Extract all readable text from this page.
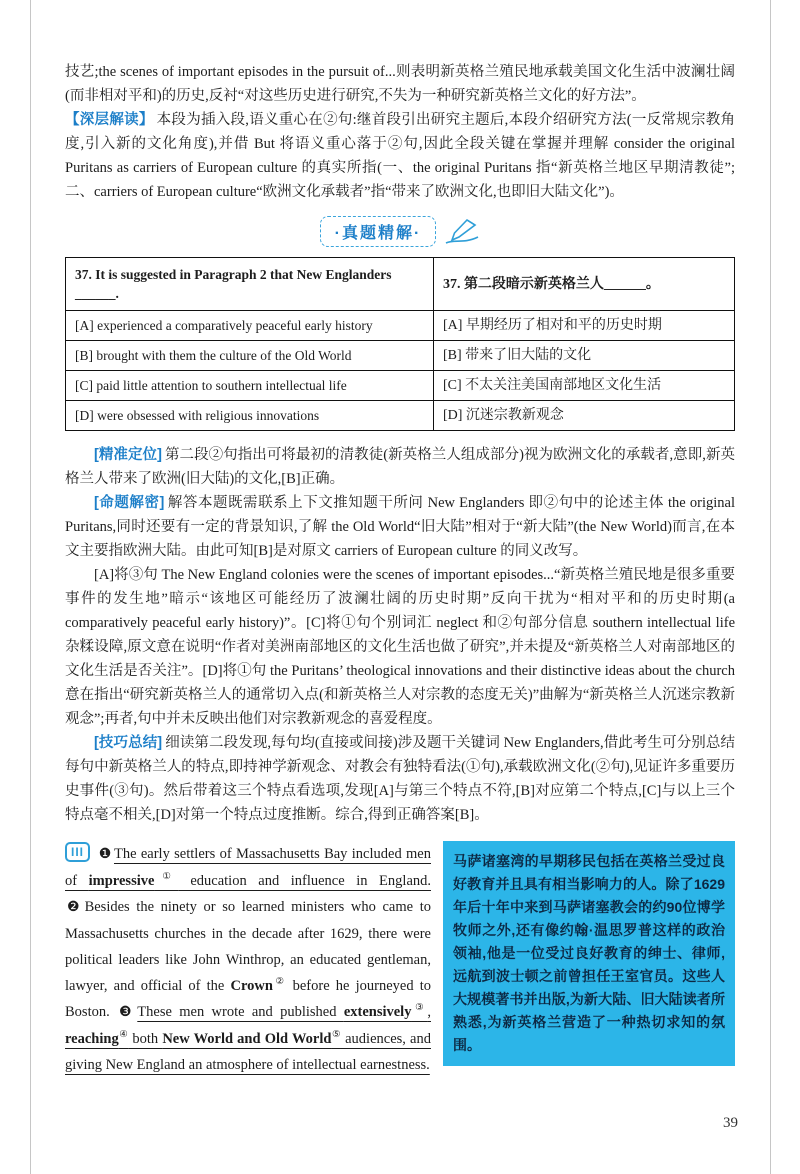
技艺;the scenes of important episodes in the pursuit of...则表明新英格兰殖民地承载美国文化生活中波澜壮阔(而非相对平和)的历史,反衬“对这些历史进行研究,不失为一种研究新英格兰文化的好方法”。

【深层解读】 本段为插入段,语义重心在②句:继首段引出研究主题后,本段介绍研究方法(一反常规宗教角度,引入新的文化角度),并借 But 将语义重心落于②句,因此全段关键在掌握并理解 consider the original Puritans as carriers of European culture 的真实所指(一、the original Puritans 指“新英格兰地区早期清教徒”;二、carriers of European culture“欧洲文化承载者”指“带来了欧洲文化,也即旧大陆文化”)。

·真题精解·
37. It is suggested in Paragraph 2 that New Englanders ______.	37. 第二段暗示新英格兰人______。
[A] experienced a comparatively peaceful early history	[A] 早期经历了相对和平的历史时期
[B] brought with them the culture of the Old World	[B] 带来了旧大陆的文化
[C] paid little attention to southern intellectual life	[C] 不太关注美国南部地区文化生活
[D] were obsessed with religious innovations	[D] 沉迷宗教新观念

[精准定位] 第二段②句指出可将最初的清教徒(新英格兰人组成部分)视为欧洲文化的承载者,意即,新英格兰人带来了欧洲(旧大陆)的文化,[B]正确。

[命题解密] 解答本题既需联系上下文推知题干所问 New Englanders 即②句中的论述主体 the original Puritans,同时还要有一定的背景知识,了解 the Old World“旧大陆”相对于“新大陆”(the New World)而言,在本文主要指欧洲大陆。由此可知[B]是对原文 carriers of European culture 的同义改写。

[A]将③句 The New England colonies were the scenes of important episodes...“新英格兰殖民地是很多重要事件的发生地”暗示“该地区可能经历了波澜壮阔的历史时期”反向干扰为“相对平和的历史时期(a comparatively peaceful early history)”。[C]将①句个别词汇 neglect 和②句部分信息 southern intellectual life 杂糅设障,原文意在说明“作者对美洲南部地区的文化生活也做了研究”,并未提及“新英格兰人对南部地区的文化生活是否关注”。[D]将①句 the Puritans’ theological innovations and their distinctive ideas about the church 意在指出“研究新英格兰人的通常切入点(和新英格兰人对宗教的态度无关)”曲解为“新英格兰人沉迷宗教新观念”;再者,句中并未反映出他们对宗教新观念的喜爱程度。

[技巧总结] 细读第二段发现,每句均(直接或间接)涉及题干关键词 New Englanders,借此考生可分别总结每句中新英格兰人的特点,即持神学新观念、对教会有独特看法(①句),承载欧洲文化(②句),见证许多重要历史事件(③句)。然后带着这三个特点看选项,发现[A]与第三个特点不符,[B]对应第二个特点,[C]与以上三个特点毫不相关,[D]对第一个特点过度推断。综合,得到正确答案[B]。

III ❶ The early settlers of Massachusetts Bay included men of impressive① education and influence in England. ❷ Besides the ninety or so learned ministers who came to Massachusetts churches in the decade after 1629, there were political leaders like John Winthrop, an educated gentleman, lawyer, and official of the Crown② before he journeyed to Boston. ❸ These men wrote and published extensively③, reaching④ both New World and Old World⑤ audiences, and giving New England an atmosphere of intellectual earnestness.
马萨诸塞湾的早期移民包括在英格兰受过良好教育并且具有相当影响力的人。除了1629年后十年中来到马萨诸塞教会的约90位博学牧师之外,还有像约翰·温思罗普这样的政治领袖,他是一位受过良好教育的绅士、律师,远航到波士顿之前曾担任王室官员。这些人大规模著书并出版,为新大陆、旧大陆读者所熟悉,为新英格兰营造了一种热切求知的氛围。
39
